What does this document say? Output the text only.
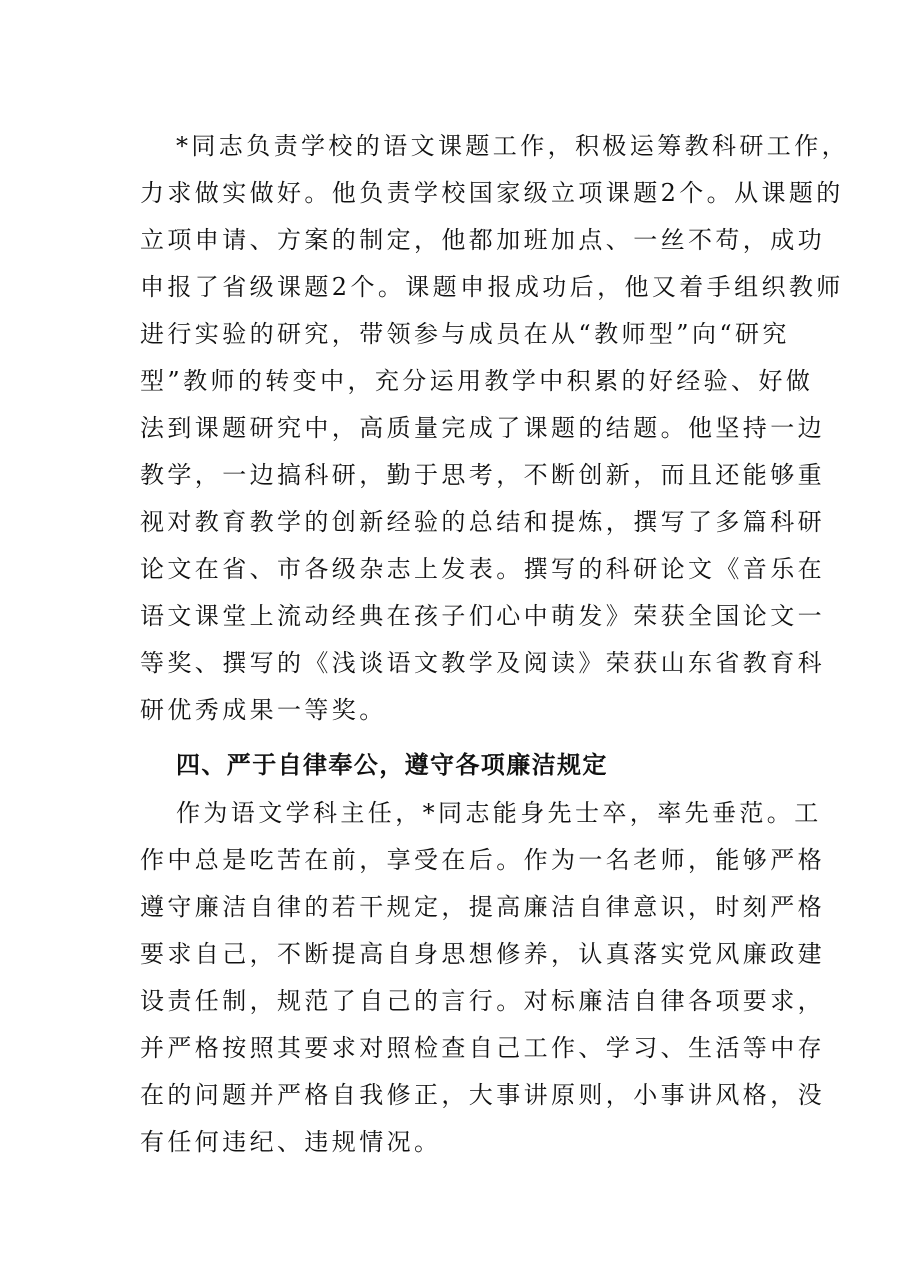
*同志负责学校的语文课题工作，积极运筹教科研工作，
力求做实做好。他负责学校国家级立项课题2个。从课题的
立项申请、方案的制定，他都加班加点、一丝不苟，成功
申报了省级课题2个。课题申报成功后，他又着手组织教师
进行实验的研究，带领参与成员在从“教师型”向“研究
型”教师的转变中，充分运用教学中积累的好经验、好做
法到课题研究中，高质量完成了课题的结题。他坚持一边
教学，一边搞科研，勤于思考，不断创新，而且还能够重
视对教育教学的创新经验的总结和提炼，撰写了多篇科研
论文在省、市各级杂志上发表。撰写的科研论文《音乐在
语文课堂上流动经典在孩子们心中萌发》荣获全国论文一
等奖、撰写的《浅谈语文教学及阅读》荣获山东省教育科
研优秀成果一等奖。
四、严于自律奉公，遵守各项廉洁规定
作为语文学科主任，*同志能身先士卒，率先垂范。工
作中总是吃苦在前，享受在后。作为一名老师，能够严格
遵守廉洁自律的若干规定，提高廉洁自律意识，时刻严格
要求自己，不断提高自身思想修养，认真落实党风廉政建
设责任制，规范了自己的言行。对标廉洁自律各项要求，
并严格按照其要求对照检查自己工作、学习、生活等中存
在的问题并严格自我修正，大事讲原则，小事讲风格，没
有任何违纪、违规情况。
